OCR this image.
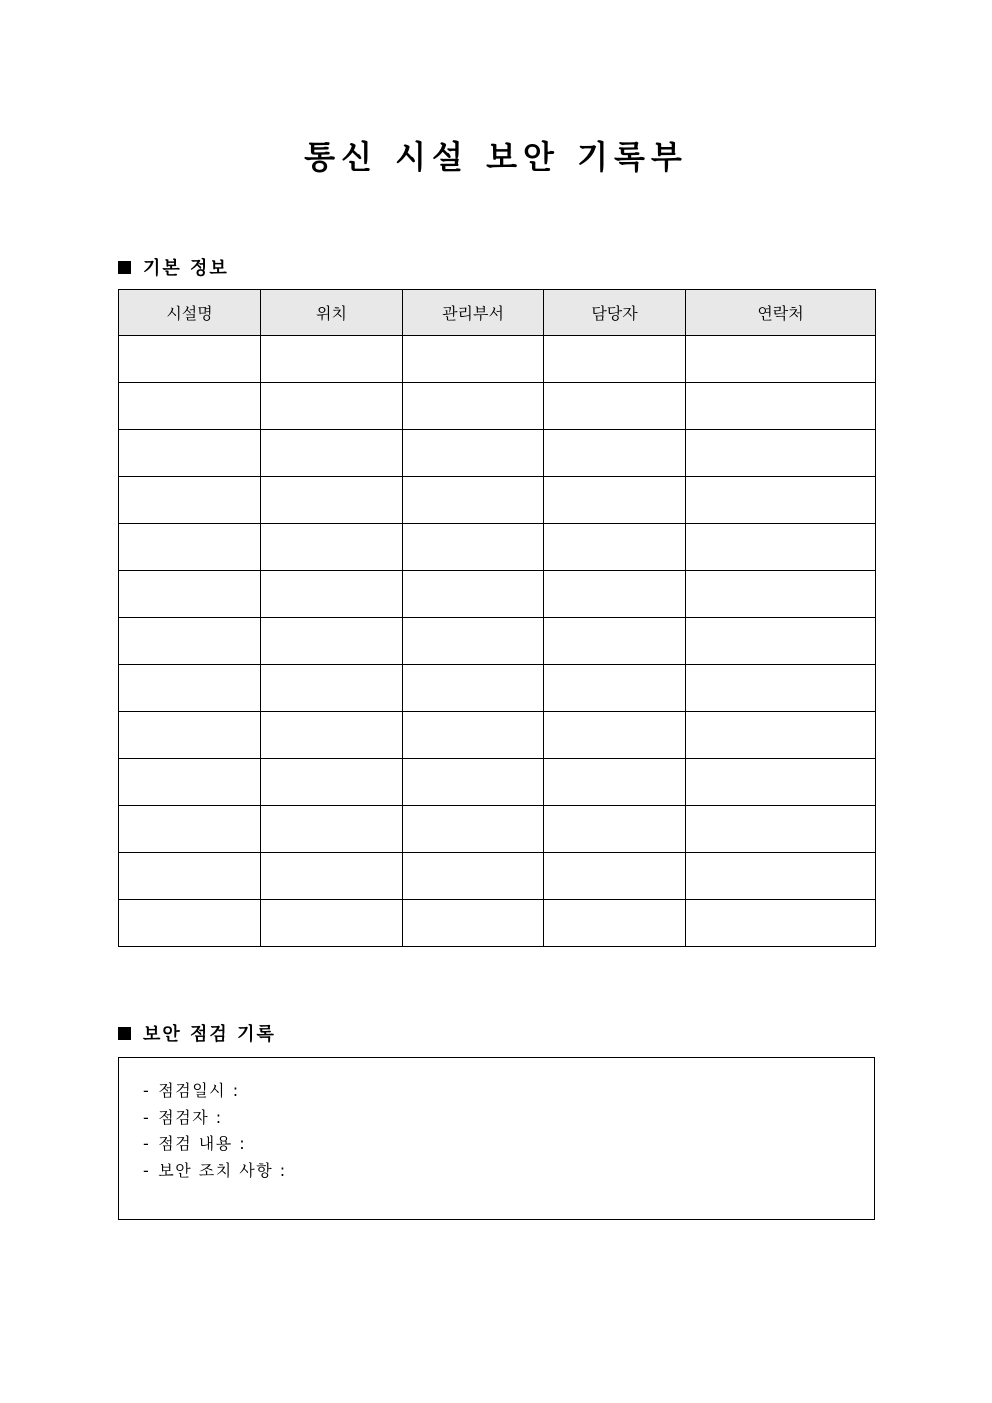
통신 시설 보안 기록부
기본 정보
시설명	위치	관리부서	담당자	연락처

보안 점검 기록
- 점검일시 :
- 점검자 :
- 점검 내용 :
- 보안 조치 사항 :
